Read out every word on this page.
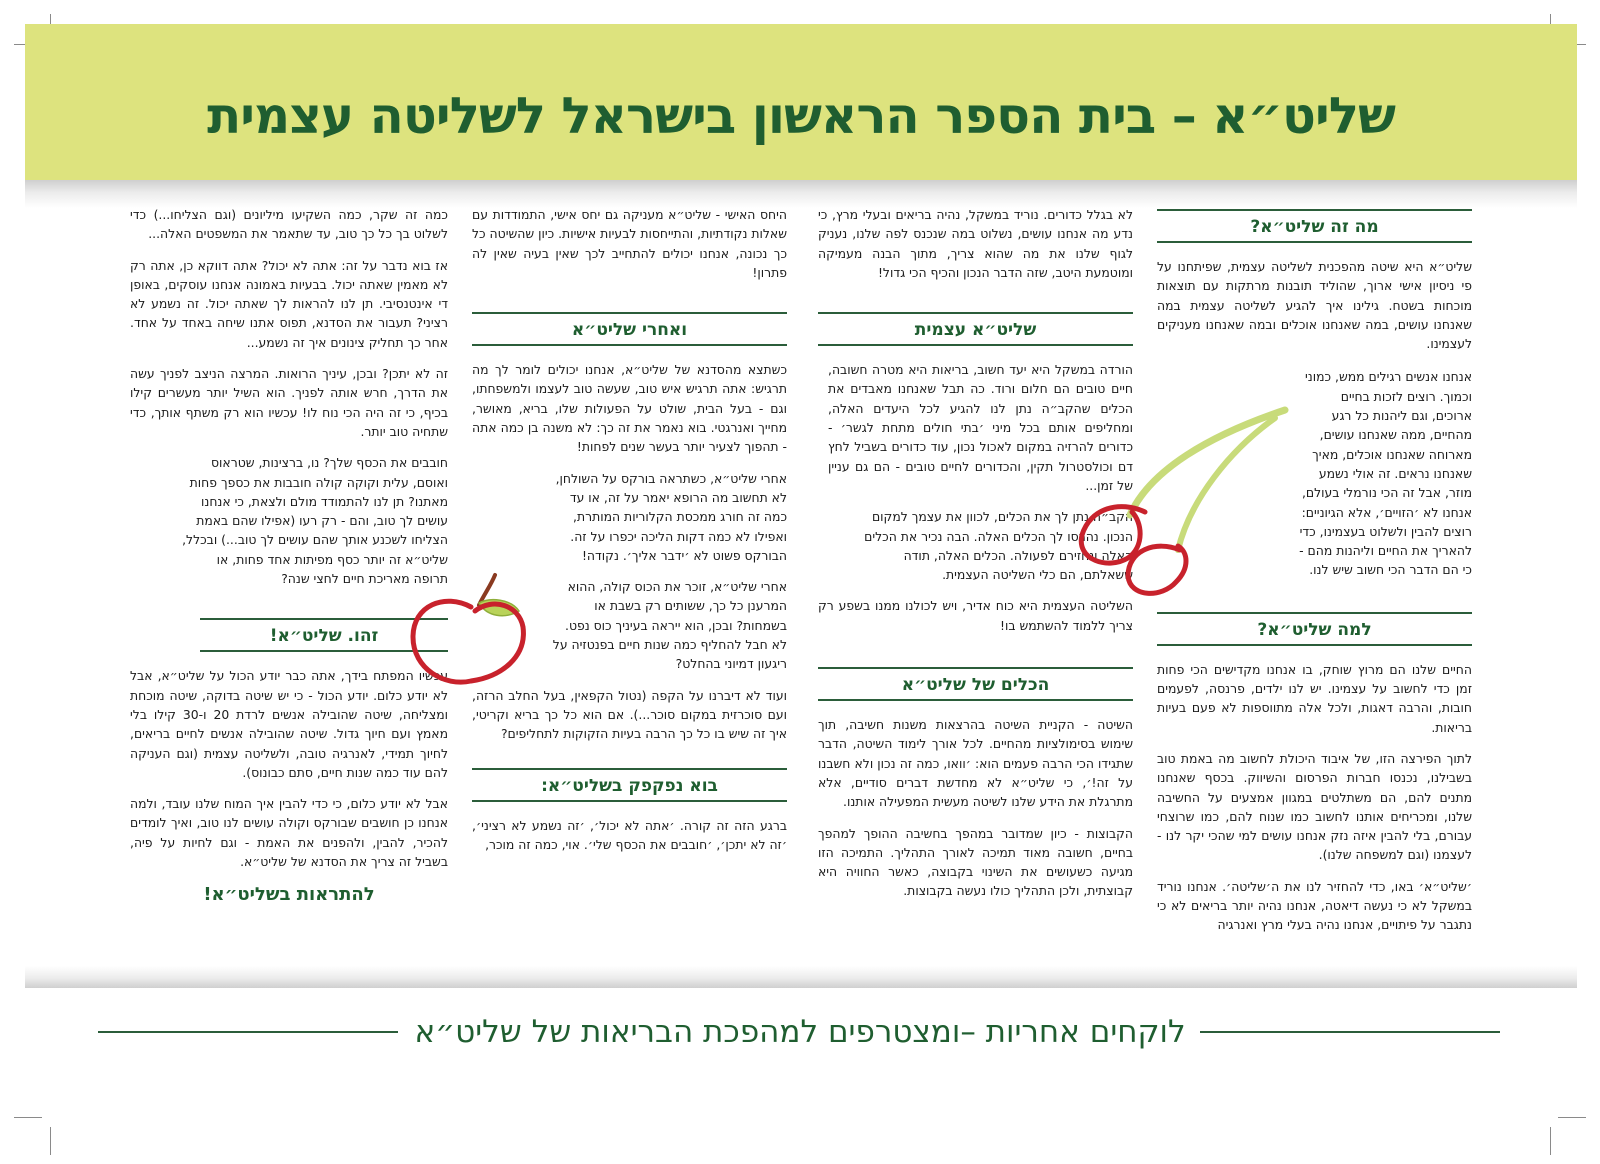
שליט״א – בית הספר הראשון בישראל לשליטה עצמית
מה זה שליט״א?

שליט״א היא שיטה מהפכנית לשליטה עצמית, שפיתחנו על פי ניסיון אישי ארוך, שהוליד תובנות מרתקות עם תוצאות מוכחות בשטח. גילינו איך להגיע לשליטה עצמית במה שאנחנו עושים, במה שאנחנו אוכלים ובמה שאנחנו מעניקים לעצמינו.

אנחנו אנשים רגילים ממש, כמוני וכמוך. רוצים לזכות בחיים ארוכים, וגם ליהנות כל רגע מהחיים, ממה שאנחנו עושים, מארוחה שאנחנו אוכלים, מאיך שאנחנו נראים. זה אולי נשמע מוזר, אבל זה הכי נורמלי בעולם, אנחנו לא ׳הזויים׳, אלא הגיוניים: רוצים להבין ולשלוט בעצמינו, כדי להאריך את החיים וליהנות מהם - כי הם הדבר הכי חשוב שיש לנו.

למה שליט״א?

החיים שלנו הם מרוץ שוחק, בו אנחנו מקדישים הכי פחות זמן כדי לחשוב על עצמינו. יש לנו ילדים, פרנסה, לפעמים חובות, והרבה דאגות, ולכל אלה מתווספות לא פעם בעיות בריאות.

לתוך הפירצה הזו, של איבוד היכולת לחשוב מה באמת טוב בשבילנו, נכנסו חברות הפרסום והשיווק. בכסף שאנחנו מתנים להם, הם משתלטים במגוון אמצעים על החשיבה שלנו, ומכריחים אותנו לחשוב כמו שנוח להם, כמו שרוצחי עבורם, בלי להבין איזה נזק אנחנו עושים למי שהכי יקר לנו - לעצמנו (וגם למשפחה שלנו).

׳שליט״א׳ באו, כדי להחזיר לנו את ה׳שליטה׳. אנחנו נוריד במשקל לא כי נעשה דיאטה, אנחנו נהיה יותר בריאים לא כי נתגבר על פיתויים, אנחנו נהיה בעלי מרץ ואנרגיה

לא בגלל כדורים. נוריד במשקל, נהיה בריאים ובעלי מרץ, כי נדע מה אנחנו עושים, נשלוט במה שנכנס לפה שלנו, נעניק לגוף שלנו את מה שהוא צריך, מתוך הבנה מעמיקה ומוטמעת היטב, שזה הדבר הנכון והכיף הכי גדול!

שליט״א עצמית

הורדה במשקל היא יעד חשוב, בריאות היא מטרה חשובה, חיים טובים הם חלום ורוד. כה תבל שאנחנו מאבדים את הכלים שהקב״ה נתן לנו להגיע לכל היעדים האלה, ומחליפים אותם בכל מיני ׳בתי חולים מתחת לגשר׳ - כדורים להרזיה במקום לאכול נכון, עוד כדורים בשביל לחץ דם וכולסטרול תקין, והכדורים לחיים טובים - הם גם עניין של זמן...

הקב״ה נתן לך את הכלים, לכוון את עצמך למקום הנכון. נהרסו לך הכלים האלה. הבה נכיר את הכלים האלה ונחזירם לפעולה. הכלים האלה, תודה ששאלתם, הם כלי השליטה העצמית.

השליטה העצמית היא כוח אדיר, ויש לכולנו ממנו בשפע רק צריך ללמוד להשתמש בו!

הכלים של שליט״א

השיטה - הקניית השיטה בהרצאות משנות חשיבה, תוך שימוש בסימולציות מהחיים. לכל אורך לימוד השיטה, הדבר שתגידו הכי הרבה פעמים הוא: ׳וואו, כמה זה נכון ולא חשבנו על זה!׳, כי שליט״א לא מחדשת דברים סודיים, אלא מתרגלת את הידע שלנו לשיטה מעשית המפעילה אותנו.

הקבוצות - כיון שמדובר במהפך בחשיבה ההופך למהפך בחיים, חשובה מאוד תמיכה לאורך התהליך. התמיכה הזו מגיעה כשעושים את השינוי בקבוצה, כאשר החוויה היא קבוצתית, ולכן התהליך כולו נעשה בקבוצות.

היחס האישי - שליט״א מעניקה גם יחס אישי, התמודדות עם שאלות נקודתיות, והתייחסות לבעיות אישיות. כיון שהשיטה כל כך נכונה, אנחנו יכולים להתחייב לכך שאין בעיה שאין לה פתרון!

ואחרי שליט״א

כשתצא מהסדנא של שליט״א, אנחנו יכולים לומר לך מה תרגיש: אתה תרגיש איש טוב, שעשה טוב לעצמו ולמשפחתו, וגם - בעל הבית, שולט על הפעולות שלו, בריא, מאושר, מחייך ואנרגטי. בוא נאמר את זה כך: לא משנה בן כמה אתה - תהפוך לצעיר יותר בעשר שנים לפחות!

אחרי שליט״א, כשתראה בורקס על השולחן, לא תחשוב מה הרופא יאמר על זה, או עד כמה זה חורג ממכסת הקלוריות המותרת, ואפילו לא כמה דקות הליכה יכפרו על זה. הבורקס פשוט לא ׳ידבר אליך׳. נקודה!

אחרי שליט״א, זוכר את הכוס קולה, ההוא המרענן כל כך, ששותים רק בשבת או בשמחות? ובכן, הוא ייראה בעיניך כוס נפט. לא חבל להחליף כמה שנות חיים בפנטזיה על ריגעון דמיוני בהחלט?

ועוד לא דיברנו על הקפה (נטול הקפאין, בעל החלב הרזה, ועם סוכרזית במקום סוכר...). אם הוא כל כך בריא וקריטי, איך זה שיש בו כל כך הרבה בעיות הזקוקות לתחליפים?

בוא נפקפק בשליט״א:

ברגע הזה זה קורה. ׳אתה לא יכול׳, ׳זה נשמע לא רציני׳, ׳זה לא יתכן׳, ׳חובבים את הכסף שלי׳. אוי, כמה זה מוכר,

כמה זה שקר, כמה השקיעו מיליונים (וגם הצליחו...) כדי לשלוט בך כל כך טוב, עד שתאמר את המשפטים האלה...

אז בוא נדבר על זה: אתה לא יכול? אתה דווקא כן, אתה רק לא מאמין שאתה יכול. בבעיות באמונה אנחנו עוסקים, באופן די אינטנסיבי. תן לנו להראות לך שאתה יכול. זה נשמע לא רציני? תעבור את הסדנא, תפוס אתנו שיחה באחד על אחד. אחר כך תחליק צינונים איך זה נשמע...

זה לא יתכן? ובכן, עיניך הרואות. המרצה הניצב לפניך עשה את הדרך, חרש אותה לפניך. הוא השיל יותר מעשרים קילו בכיף, כי זה היה הכי נוח לו! עכשיו הוא רק משתף אותך, כדי שתחיה טוב יותר.

חובבים את הכסף שלך? נו, ברצינות, שטראוס ואוסם, עלית וקוקה קולה חובבות את כספך פחות מאתנו? תן לנו להתמודד מולם ולצאת, כי אנחנו עושים לך טוב, והם - רק רעו (אפילו שהם באמת הצליחו לשכנע אותך שהם עושים לך טוב...) ובכלל, שליט״א זה יותר כסף מפיתות אחד פחות, או תרופה מאריכת חיים לחצי שנה?

זהו. שליט״א!

עכשיו המפתח בידך, אתה כבר יודע הכול על שליט״א, אבל לא יודע כלום. יודע הכול - כי יש שיטה בדוקה, שיטה מוכחת ומצליחה, שיטה שהובילה אנשים לרדת 20 ו-30 קילו בלי מאמץ ועם חיוך גדול. שיטה שהובילה אנשים לחיים בריאים, לחיוך תמידי, לאנרגיה טובה, ולשליטה עצמית (וגם העניקה להם עוד כמה שנות חיים, סתם כבונוס).

אבל לא יודע כלום, כי כדי להבין איך המוח שלנו עובד, ולמה אנחנו כן חושבים שבורקס וקולה עושים לנו טוב, ואיך לומדים להכיר, להבין, ולהפנים את האמת - וגם לחיות על פיה, בשביל זה צריך את הסדנא של שליט״א.

להתראות בשליט״א!
לוקחים אחריות –ומצטרפים למהפכת הבריאות של שליט״א
